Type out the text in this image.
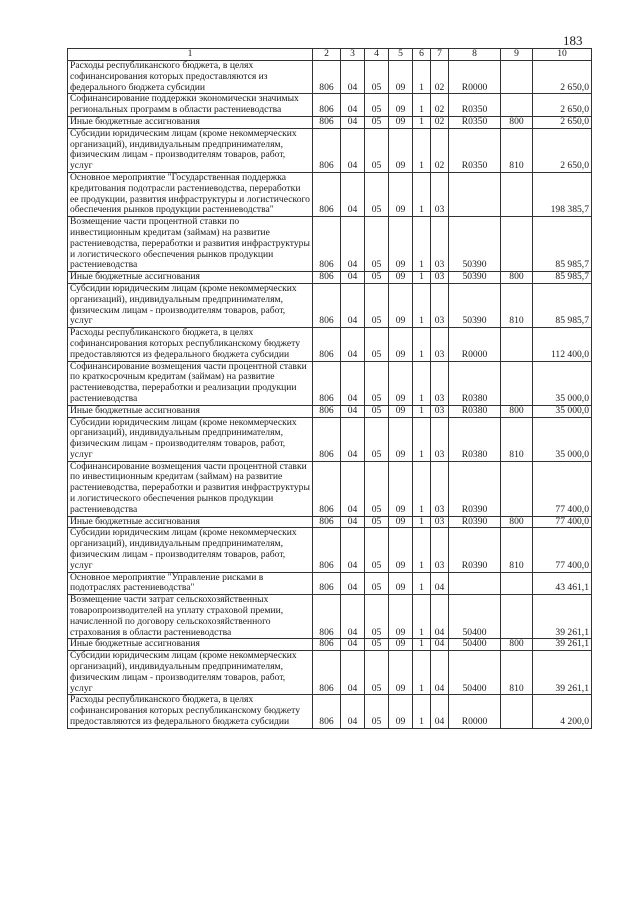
183
1	2	3	4	5	6	7	8	9	10
Расходы республиканского бюджета, в целях софинансирования которых предоставляются из федерального бюджета субсидии	806	04	05	09	1	02	R0000		2 650,0
Софинансирование поддержки экономически значимых региональных программ в области растениеводства	806	04	05	09	1	02	R0350		2 650,0
Иные бюджетные ассигнования	806	04	05	09	1	02	R0350	800	2 650,0
Субсидии юридическим лицам (кроме некоммерческих организаций), индивидуальным предпринимателям, физическим лицам - производителям товаров, работ, услуг	806	04	05	09	1	02	R0350	810	2 650,0
Основное мероприятие "Государственная поддержка кредитования подотрасли растениеводства, переработки ее продукции, развития инфраструктуры и логистического обеспечения рынков продукции растениеводства"	806	04	05	09	1	03			198 385,7
Возмещение части процентной ставки по инвестиционным кредитам (займам) на развитие растениеводства, переработки и развития инфраструктуры и логистического обеспечения рынков продукции растениеводства	806	04	05	09	1	03	50390		85 985,7
Иные бюджетные ассигнования	806	04	05	09	1	03	50390	800	85 985,7
Субсидии юридическим лицам (кроме некоммерческих организаций), индивидуальным предпринимателям, физическим лицам - производителям товаров, работ, услуг	806	04	05	09	1	03	50390	810	85 985,7
Расходы республиканского бюджета, в целях софинансирования которых республиканскому бюджету предоставляются из федерального бюджета субсидии	806	04	05	09	1	03	R0000		112 400,0
Софинансирование возмещения части процентной ставки по краткосрочным кредитам (займам) на развитие растениеводства, переработки и реализации продукции растениеводства	806	04	05	09	1	03	R0380		35 000,0
Иные бюджетные ассигнования	806	04	05	09	1	03	R0380	800	35 000,0
Субсидии юридическим лицам (кроме некоммерческих организаций), индивидуальным предпринимателям, физическим лицам - производителям товаров, работ, услуг	806	04	05	09	1	03	R0380	810	35 000,0
Софинансирование возмещения части процентной ставки по инвестиционным кредитам (займам) на развитие растениеводства, переработки и развития инфраструктуры и логистического обеспечения рынков продукции растениеводства	806	04	05	09	1	03	R0390		77 400,0
Иные бюджетные ассигнования	806	04	05	09	1	03	R0390	800	77 400,0
Субсидии юридическим лицам (кроме некоммерческих организаций), индивидуальным предпринимателям, физическим лицам - производителям товаров, работ, услуг	806	04	05	09	1	03	R0390	810	77 400,0
Основное мероприятие "Управление рисками в подотраслях растениеводства"	806	04	05	09	1	04			43 461,1
Возмещение части затрат сельскохозяйственных товаропроизводителей на уплату страховой премии, начисленной по договору сельскохозяйственного страхования в области растениеводства	806	04	05	09	1	04	50400		39 261,1
Иные бюджетные ассигнования	806	04	05	09	1	04	50400	800	39 261,1
Субсидии юридическим лицам (кроме некоммерческих организаций), индивидуальным предпринимателям, физическим лицам - производителям товаров, работ, услуг	806	04	05	09	1	04	50400	810	39 261,1
Расходы республиканского бюджета, в целях софинансирования которых республиканскому бюджету предоставляются из федерального бюджета субсидии	806	04	05	09	1	04	R0000		4 200,0
